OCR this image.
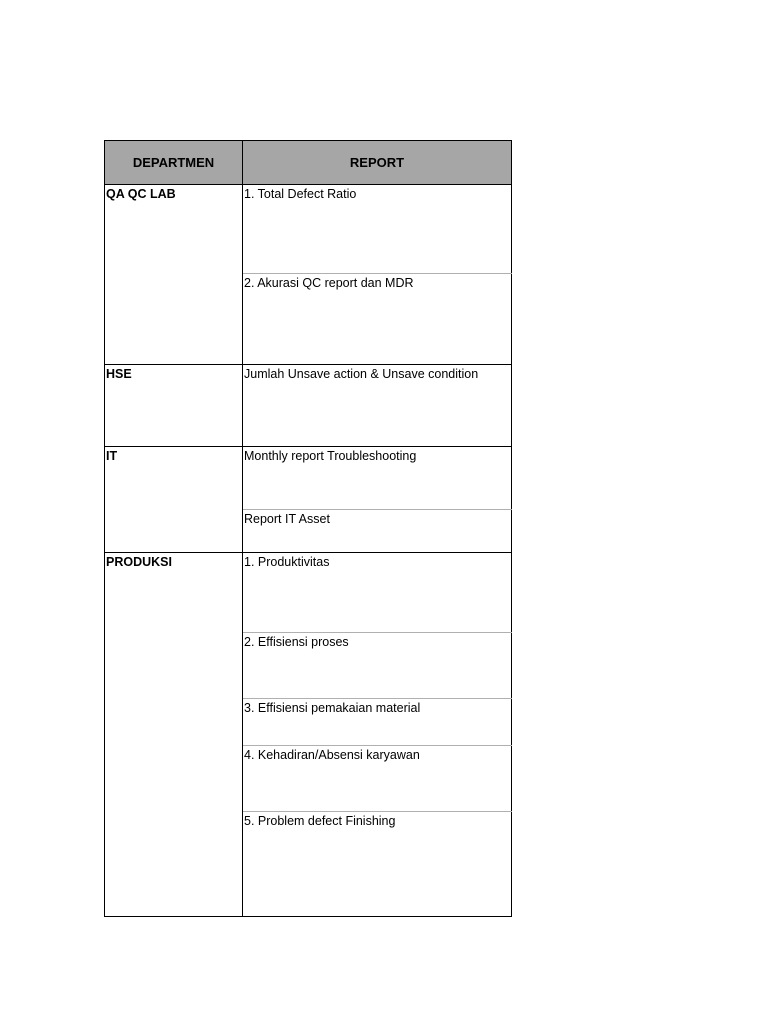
DEPARTMEN	REPORT
QA QC LAB	1. Total Defect Ratio
	2. Akurasi QC report dan MDR
HSE	Jumlah Unsave action & Unsave condition
IT	Monthly report Troubleshooting
	Report IT Asset
PRODUKSI	1. Produktivitas
	2. Effisiensi proses
	3. Effisiensi pemakaian material
	4. Kehadiran/Absensi karyawan
	5. Problem defect Finishing
